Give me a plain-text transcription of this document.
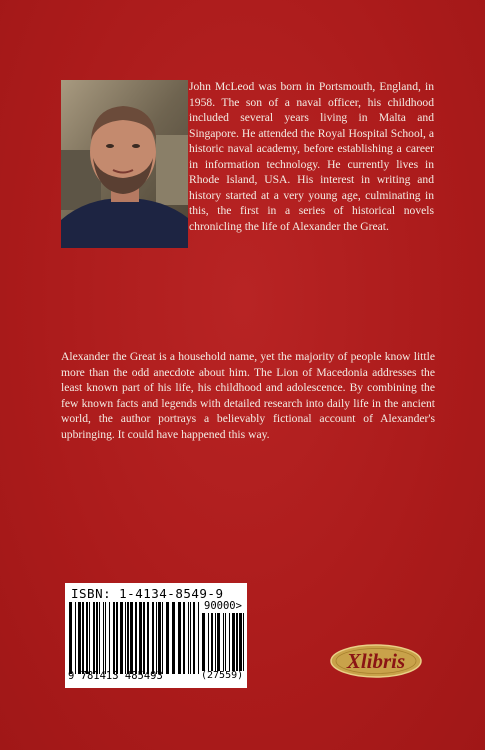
John McLeod was born in Portsmouth, England, in 1958. The son of a naval officer, his childhood included several years living in Malta and Singapore. He attended the Royal Hospital School, a historic naval academy, before establishing a career in information technology. He currently lives in Rhode Island, USA. His interest in writing and history started at a very young age, culminating in this, the first in a series of historical novels chronicling the life of Alexander the Great.

Alexander the Great is a household name, yet the majority of people know little more than the odd anecdote about him. The Lion of Macedonia addresses the least known part of his life, his childhood and adolescence. By combining the few known facts and legends with detailed research into daily life in the ancient world, the author portrays a believably fictional account of Alexander's upbringing. It could have happened this way.

ISBN: 1-4134-8549-9
90000>
9 781413 485493	(27559)
Xlibris
